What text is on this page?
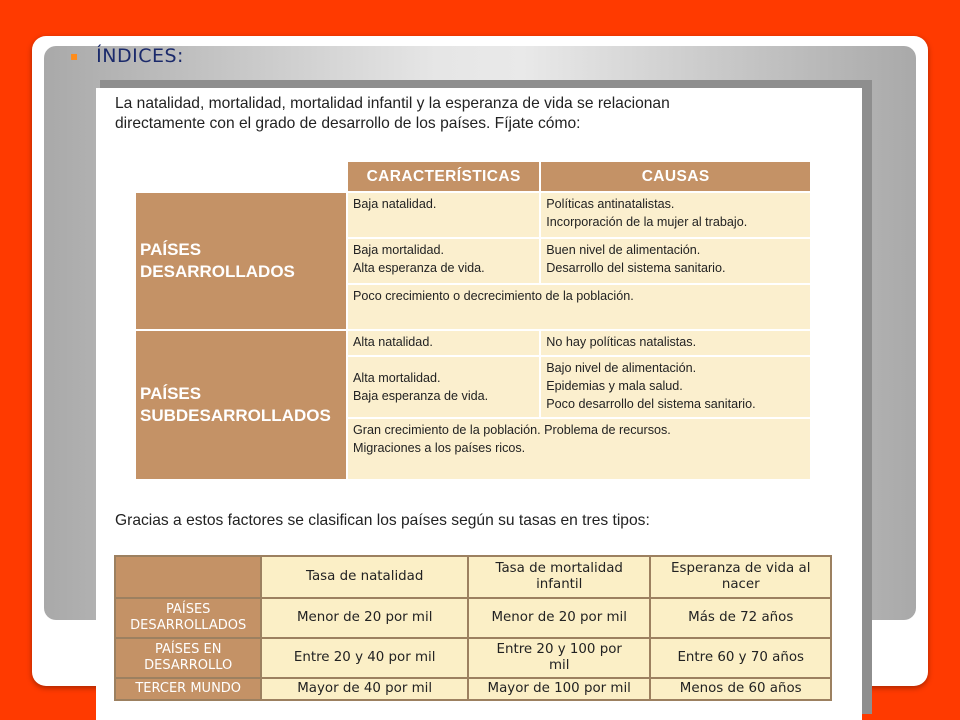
▪ ÍNDICES:

La natalidad, mortalidad, mortalidad infantil y la esperanza de vida se relacionan

directamente con el grado de desarrollo de los países. Fíjate cómo:

	CARACTERÍSTICAS	CAUSAS
PAÍSES
DESARROLLADOS	Baja natalidad.	Políticas antinatalistas.
Incorporación de la mujer al trabajo.
	Baja mortalidad.
Alta esperanza de vida.	Buen nivel de alimentación.
Desarrollo del sistema sanitario.
	Poco crecimiento o decrecimiento de la población.	
PAÍSES
SUBDESARROLLADOS	Alta natalidad.	No hay políticas natalistas.
	Alta mortalidad.
Baja esperanza de vida.	Bajo nivel de alimentación.
Epidemias y mala salud.
Poco desarrollo del sistema sanitario.
	Gran crecimiento de la población. Problema de recursos.
Migraciones a los países ricos.	
Gracias a estos factores se clasifican los países según su tasas en tres tipos:
	Tasa de natalidad	Tasa de mortalidad
infantil	Esperanza de vida al
nacer
PAÍSES
DESARROLLADOS	Menor de 20 por mil	Menor de 20 por mil	Más de 72 años
PAÍSES EN
DESARROLLO	Entre 20 y 40 por mil	Entre 20 y 100 por
mil	Entre 60 y 70 años
TERCER MUNDO	Mayor de 40 por mil	Mayor de 100 por mil	Menos de 60 años
